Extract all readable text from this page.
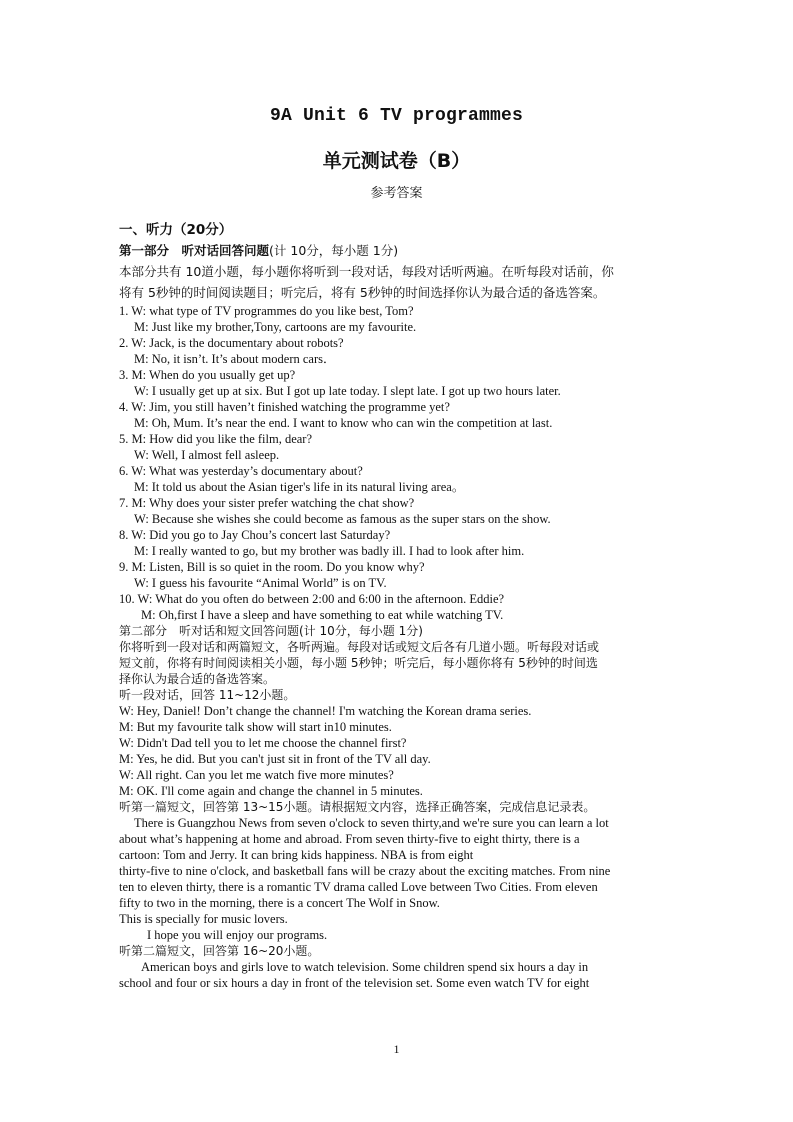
9A Unit 6 TV programmes
单元测试卷（B）
参考答案
一、听力（20分）
第一部分　听对话回答问题(计 10分，每小题 1分)
本部分共有 10道小题，每小题你将听到一段对话，每段对话听两遍。在听每段对话前，你
将有 5秒钟的时间阅读题目；听完后，将有 5秒钟的时间选择你认为最合适的备选答案。
1. W: what type of TV programmes do you like best, Tom?
M: Just like my brother,Tony, cartoons are my favourite.
2. W: Jack, is the documentary about robots?
M: No, it isn’t. It’s about modern cars．
3. M: When do you usually get up?
W: I usually get up at six. But I got up late today. I slept late. I got up two hours later.
4. W: Jim, you still haven’t finished watching the programme yet?
M: Oh, Mum. It’s near the end. I want to know who can win the competition at last.
5. M: How did you like the film, dear?
W: Well, I almost fell asleep.
6. W: What was yesterday’s documentary about?
M: It told us about the Asian tiger's life in its natural living area。
7. M: Why does your sister prefer watching the chat show?
W: Because she wishes she could become as famous as the super stars on the show.
8. W: Did you go to Jay Chou’s concert last Saturday?
M: I really wanted to go, but my brother was badly ill. I had to look after him.
9. M: Listen, Bill is so quiet in the room. Do you know why?
W: I guess his favourite “Animal World” is on TV.
10. W: What do you often do between 2:00 and 6:00 in the afternoon. Eddie?
M: Oh,first I have a sleep and have something to eat while watching TV.
第二部分　听对话和短文回答问题(计 10分，每小题 1分)
你将听到一段对话和两篇短文，各听两遍。每段对话或短文后各有几道小题。听每段对话或
短文前，你将有时间阅读相关小题，每小题 5秒钟；听完后，每小题你将有 5秒钟的时间选
择你认为最合适的备选答案。
听一段对话，回答 11~12小题。
W: Hey, Daniel! Don’t change the channel! I'm watching the Korean drama series.
M: But my favourite talk show will start in10 minutes.
W: Didn't Dad tell you to let me choose the channel first?
M: Yes, he did. But you can't just sit in front of the TV all day.
W: All right. Can you let me watch five more minutes?
M: OK. I'll come again and change the channel in 5 minutes.
听第一篇短文，回答第 13~15小题。请根据短文内容，选择正确答案，完成信息记录表。
There is Guangzhou News from seven o'clock to seven thirty,and we're sure you can learn a lot
about what’s happening at home and abroad. From seven thirty-five to eight thirty, there is a
cartoon: Tom and Jerry. It can bring kids happiness. NBA is from eight
thirty-five to nine o'clock, and basketball fans will be crazy about the exciting matches. From nine
ten to eleven thirty, there is a romantic TV drama called Love between Two Cities. From eleven
fifty to two in the morning, there is a concert The Wolf in Snow.
This is specially for music lovers.
I hope you will enjoy our programs.
听第二篇短文，回答第 16~20小题。
American boys and girls love to watch television. Some children spend six hours a day in
school and four or six hours a day in front of the television set. Some even watch TV for eight
1
